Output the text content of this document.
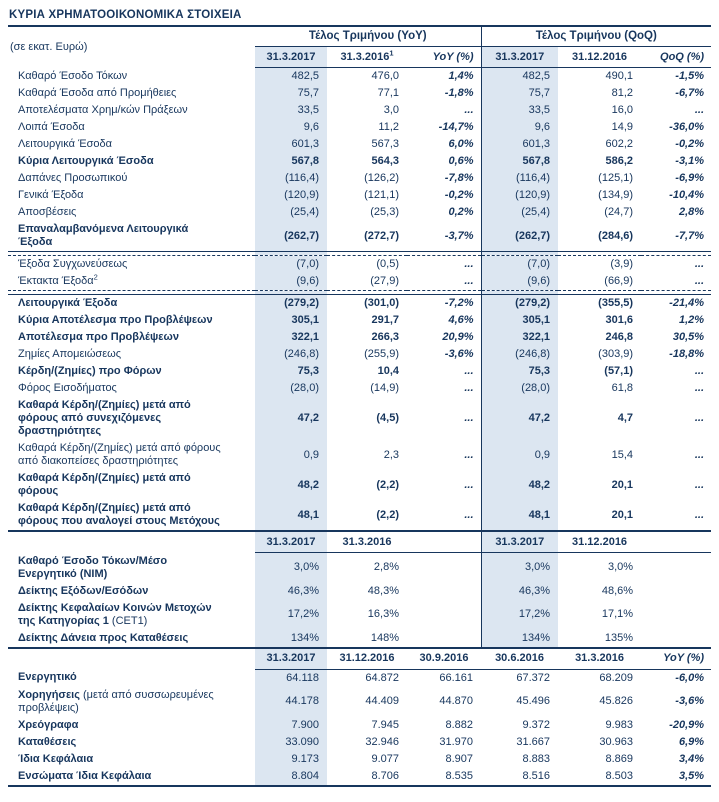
ΚΥΡΙΑ ΧΡΗΜΑΤΟΟΙΚΟΝΟΜΙΚΑ ΣΤΟΙΧΕΙΑ
(σε εκατ. Ευρώ)	Τέλος Τριμήνου (YoY)			Τέλος Τριμήνου (QoQ)		
	31.3.2017	31.3.2016$^1$	YoY (%)	31.3.2017	31.12.2016	QoQ (%)
Καθαρό Έσοδο Τόκων	482,5	476,0	1,4%	482,5	490,1	-1,5%
Καθαρά Έσοδα από Προμήθειες	75,7	77,1	-1,8%	75,7	81,2	-6,7%
Αποτελέσματα Χρημ/κών Πράξεων	33,5	3,0	...	33,5	16,0	...
Λοιπά Έσοδα	9,6	11,2	-14,7%	9,6	14,9	-36,0%
Λειτουργικά Έσοδα	601,3	567,3	6,0%	601,3	602,2	-0,2%
Κύρια Λειτουργικά Έσοδα	567,8	564,3	0,6%	567,8	586,2	-3,1%
Δαπάνες Προσωπικού	(116,4)	(126,2)	-7,8%	(116,4)	(125,1)	-6,9%
Γενικά Έξοδα	(120,9)	(121,1)	-0,2%	(120,9)	(134,9)	-10,4%
Αποσβέσεις	(25,4)	(25,3)	0,2%	(25,4)	(24,7)	2,8%
Επαναλαμβανόμενα Λειτουργικά Έξοδα	(262,7)	(272,7)	-3,7%	(262,7)	(284,6)	-7,7%

Έξοδα Συγχωνεύσεως	(7,0)	(0,5)	...	(7,0)	(3,9)	...
Έκτακτα Έξοδα$^2$	(9,6)	(27,9)	...	(9,6)	(66,9)	...

Λειτουργικά Έξοδα	(279,2)	(301,0)	-7,2%	(279,2)	(355,5)	-21,4%
Κύρια Αποτέλεσμα προ Προβλέψεων	305,1	291,7	4,6%	305,1	301,6	1,2%
Αποτέλεσμα προ Προβλέψεων	322,1	266,3	20,9%	322,1	246,8	30,5%
Ζημίες Απομειώσεως	(246,8)	(255,9)	-3,6%	(246,8)	(303,9)	-18,8%
Κέρδη/(Ζημίες) προ Φόρων	75,3	10,4	...	75,3	(57,1)	...
Φόρος Εισοδήματος	(28,0)	(14,9)	...	(28,0)	61,8	...
Καθαρά Κέρδη/(Ζημίες) μετά από φόρους από συνεχιζόμενες δραστηριότητες	47,2	(4,5)	...	47,2	4,7	...
Καθαρά Κέρδη/(Ζημίες) μετά από φόρους από διακοπείσες δραστηριότητες	0,9	2,3	...	0,9	15,4	...
Καθαρά Κέρδη/(Ζημίες) μετά από φόρους	48,2	(2,2)	...	48,2	20,1	...
Καθαρά Κέρδη/(Ζημίες) μετά από φόρους που αναλογεί στους Μετόχους	48,1	(2,2)	...	48,1	20,1	...
	31.3.2017	31.3.2016		31.3.2017	31.12.2016	
Καθαρό Έσοδο Τόκων/Μέσο Ενεργητικό (NIM)	3,0%	2,8%		3,0%	3,0%	
Δείκτης Εξόδων/Εσόδων	46,3%	48,3%		46,3%	48,6%	
Δείκτης Κεφαλαίων Κοινών Μετοχών της Κατηγορίας 1 (CET1)	17,2%	16,3%		17,2%	17,1%	
Δείκτης Δάνεια προς Καταθέσεις	134%	148%		134%	135%	
	31.3.2017	31.12.2016	30.9.2016	30.6.2016	31.3.2016	YoY (%)
Ενεργητικό	64.118	64.872	66.161	67.372	68.209	-6,0%
Χορηγήσεις (μετά από συσσωρευμένες προβλέψεις)	44.178	44.409	44.870	45.496	45.826	-3,6%
Χρεόγραφα	7.900	7.945	8.882	9.372	9.983	-20,9%
Καταθέσεις	33.090	32.946	31.970	31.667	30.963	6,9%
Ίδια Κεφάλαια	9.173	9.077	8.907	8.883	8.869	3,4%
Ενσώματα Ίδια Κεφάλαια	8.804	8.706	8.535	8.516	8.503	3,5%
